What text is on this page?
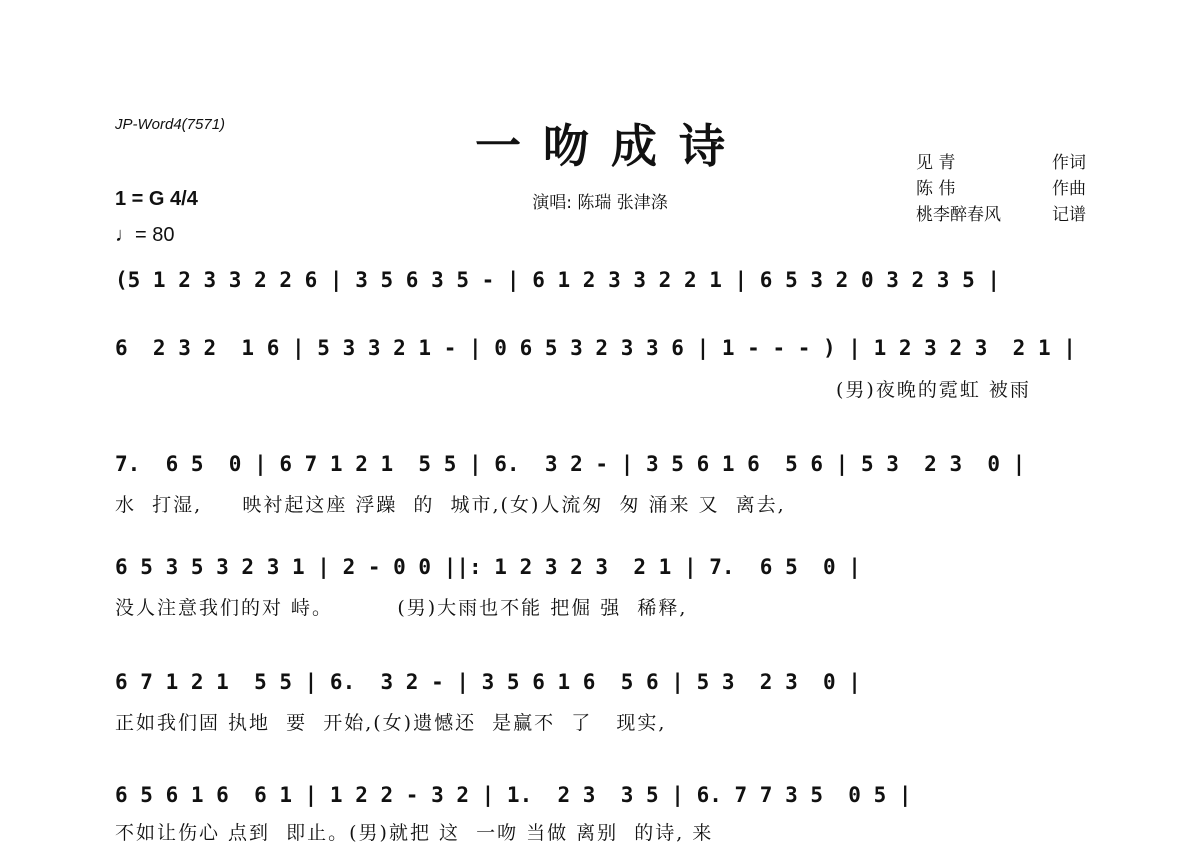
JP-Word4(7571)	一吻成诗
演唱: 陈瑞 张津涤
见 青	作词
陈 伟	作曲
桃李醉春风	记谱
1 = G 4/4
♩= 80
(5 1 2 3 3 2 2 6 | 3 5 6 3 5 - | 6 1 2 3 3 2 2 1 | 6 5 3 2 0 3 2 3 5 |
6  2 3 2  1 6 | 5 3 3 2 1 - | 0 6 5 3 2 3 3 6 | 1 - - - ) | 1 2 3 2 3  2 1 |
(男)夜晚的霓虹 被雨
7.  6 5  0 | 6 7 1 2 1  5 5 | 6.  3 2 - | 3 5 6 1 6  5 6 | 5 3  2 3  0 |
水  打湿,     映衬起这座 浮躁  的  城市,(女)人流匆  匆 涌来 又  离去,
6 5 3 5 3 2 3 1 | 2 - 0 0 ||: 1 2 3 2 3  2 1 | 7.  6 5  0 |
没人注意我们的对 峙。        (男)大雨也不能 把倔 强  稀释,
6 7 1 2 1  5 5 | 6.  3 2 - | 3 5 6 1 6  5 6 | 5 3  2 3  0 |
正如我们固 执地  要  开始,(女)遗憾还  是赢不  了   现实,
6 5 6 1 6  6 1 | 1 2 2 - 3 2 | 1.  2 3  3 5 | 6. 7 7 3 5  0 5 |
不如让伤心 点到  即止。(男)就把 这  一吻 当做 离别  的诗, 来
